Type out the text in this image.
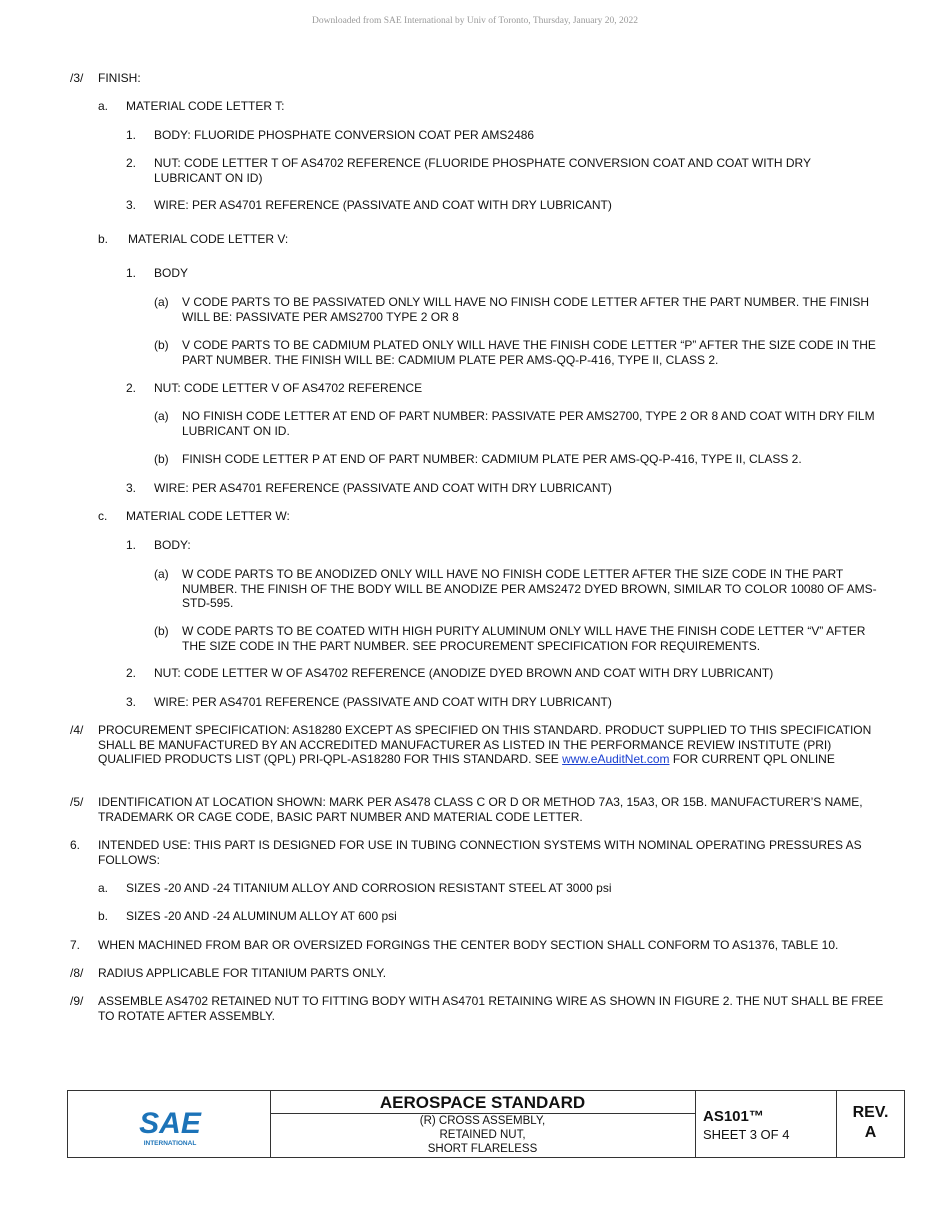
Downloaded from SAE International by Univ of Toronto, Thursday, January 20, 2022
/3/ FINISH:
a. MATERIAL CODE LETTER T:
1. BODY: FLUORIDE PHOSPHATE CONVERSION COAT PER AMS2486
2. NUT: CODE LETTER T OF AS4702 REFERENCE (FLUORIDE PHOSPHATE CONVERSION COAT AND COAT WITH DRY LUBRICANT ON ID)
3. WIRE: PER AS4701 REFERENCE (PASSIVATE AND COAT WITH DRY LUBRICANT)
b. MATERIAL CODE LETTER V:
1. BODY
(a) V CODE PARTS TO BE PASSIVATED ONLY WILL HAVE NO FINISH CODE LETTER AFTER THE PART NUMBER. THE FINISH WILL BE: PASSIVATE PER AMS2700 TYPE 2 OR 8
(b) V CODE PARTS TO BE CADMIUM PLATED ONLY WILL HAVE THE FINISH CODE LETTER “P” AFTER THE SIZE CODE IN THE PART NUMBER. THE FINISH WILL BE: CADMIUM PLATE PER AMS-QQ-P-416, TYPE II, CLASS 2.
2. NUT: CODE LETTER V OF AS4702 REFERENCE
(a) NO FINISH CODE LETTER AT END OF PART NUMBER: PASSIVATE PER AMS2700, TYPE 2 OR 8 AND COAT WITH DRY FILM LUBRICANT ON ID.
(b) FINISH CODE LETTER P AT END OF PART NUMBER: CADMIUM PLATE PER AMS-QQ-P-416, TYPE II, CLASS 2.
3. WIRE: PER AS4701 REFERENCE (PASSIVATE AND COAT WITH DRY LUBRICANT)
c. MATERIAL CODE LETTER W:
1. BODY:
(a) W CODE PARTS TO BE ANODIZED ONLY WILL HAVE NO FINISH CODE LETTER AFTER THE SIZE CODE IN THE PART NUMBER. THE FINISH OF THE BODY WILL BE ANODIZE PER AMS2472 DYED BROWN, SIMILAR TO COLOR 10080 OF AMS-STD-595.
(b) W CODE PARTS TO BE COATED WITH HIGH PURITY ALUMINUM ONLY WILL HAVE THE FINISH CODE LETTER “V” AFTER THE SIZE CODE IN THE PART NUMBER. SEE PROCUREMENT SPECIFICATION FOR REQUIREMENTS.
2. NUT: CODE LETTER W OF AS4702 REFERENCE (ANODIZE DYED BROWN AND COAT WITH DRY LUBRICANT)
3. WIRE: PER AS4701 REFERENCE (PASSIVATE AND COAT WITH DRY LUBRICANT)
/4/ PROCUREMENT SPECIFICATION: AS18280 EXCEPT AS SPECIFIED ON THIS STANDARD. PRODUCT SUPPLIED TO THIS SPECIFICATION SHALL BE MANUFACTURED BY AN ACCREDITED MANUFACTURER AS LISTED IN THE PERFORMANCE REVIEW INSTITUTE (PRI) QUALIFIED PRODUCTS LIST (QPL) PRI-QPL-AS18280 FOR THIS STANDARD. SEE www.eAuditNet.com FOR CURRENT QPL ONLINE
/5/ IDENTIFICATION AT LOCATION SHOWN: MARK PER AS478 CLASS C OR D OR METHOD 7A3, 15A3, OR 15B. MANUFACTURER’S NAME, TRADEMARK OR CAGE CODE, BASIC PART NUMBER AND MATERIAL CODE LETTER.
6. INTENDED USE: THIS PART IS DESIGNED FOR USE IN TUBING CONNECTION SYSTEMS WITH NOMINAL OPERATING PRESSURES AS FOLLOWS:
a. SIZES -20 AND -24 TITANIUM ALLOY AND CORROSION RESISTANT STEEL AT 3000 psi
b. SIZES -20 AND -24 ALUMINUM ALLOY AT 600 psi
7. WHEN MACHINED FROM BAR OR OVERSIZED FORGINGS THE CENTER BODY SECTION SHALL CONFORM TO AS1376, TABLE 10.
/8/ RADIUS APPLICABLE FOR TITANIUM PARTS ONLY.
/9/ ASSEMBLE AS4702 RETAINED NUT TO FITTING BODY WITH AS4701 RETAINING WIRE AS SHOWN IN FIGURE 2. THE NUT SHALL BE FREE TO ROTATE AFTER ASSEMBLY.
SAE
INTERNATIONAL
AEROSPACE STANDARD
(R) CROSS ASSEMBLY,
RETAINED NUT,
SHORT FLARELESS
AS101™
SHEET 3 OF 4
REV.
A
